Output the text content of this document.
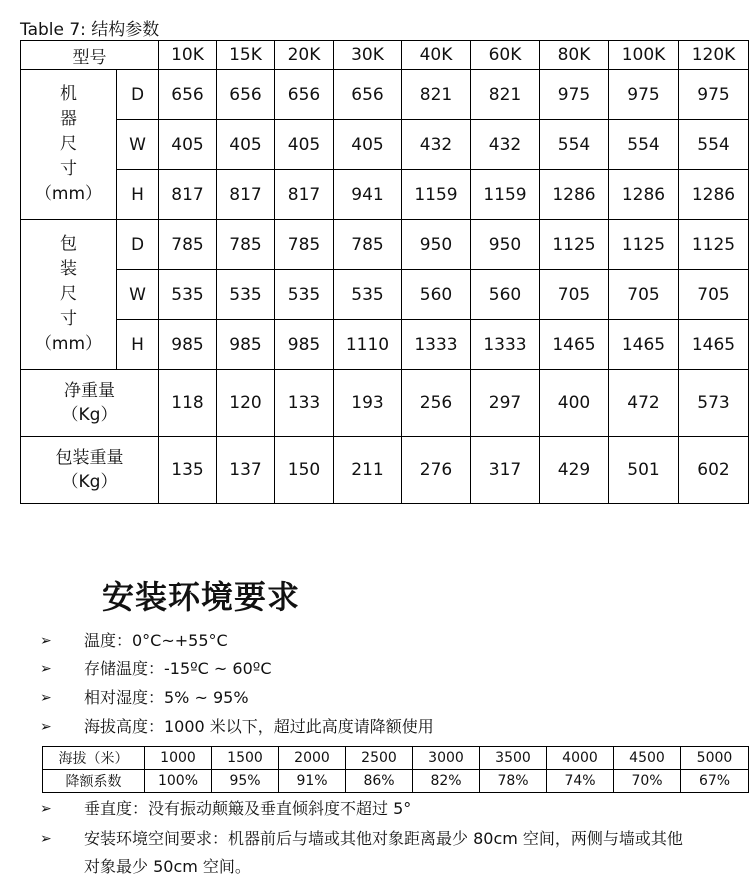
Table 7: 结构参数
型号		10K	15K	20K	30K	40K	60K	80K	100K	120K
机
器
尺
寸
（mm）	D	656	656	656	656	821	821	975	975	975
	W	405	405	405	405	432	432	554	554	554
	H	817	817	817	941	1159	1159	1286	1286	1286
包
装
尺
寸
（mm）	D	785	785	785	785	950	950	1125	1125	1125
	W	535	535	535	535	560	560	705	705	705
	H	985	985	985	1110	1333	1333	1465	1465	1465
净重量
（Kg）		118	120	133	193	256	297	400	472	573
包装重量
（Kg）		135	137	150	211	276	317	429	501	602
安装环境要求
➢ 温度：0°C~+55°C
➢ 存储温度：-15ºC ~ 60ºC
➢ 相对湿度：5% ~ 95%
➢ 海拔高度：1000 米以下，超过此高度请降额使用
海拔（米）	1000	1500	2000	2500	3000	3500	4000	4500	5000
降额系数	100%	95%	91%	86%	82%	78%	74%	70%	67%
➢ 垂直度：没有振动颠簸及垂直倾斜度不超过 5°
➢ 安装环境空间要求：机器前后与墙或其他对象距离最少 80cm 空间，两侧与墙或其他
对象最少 50cm 空间。
